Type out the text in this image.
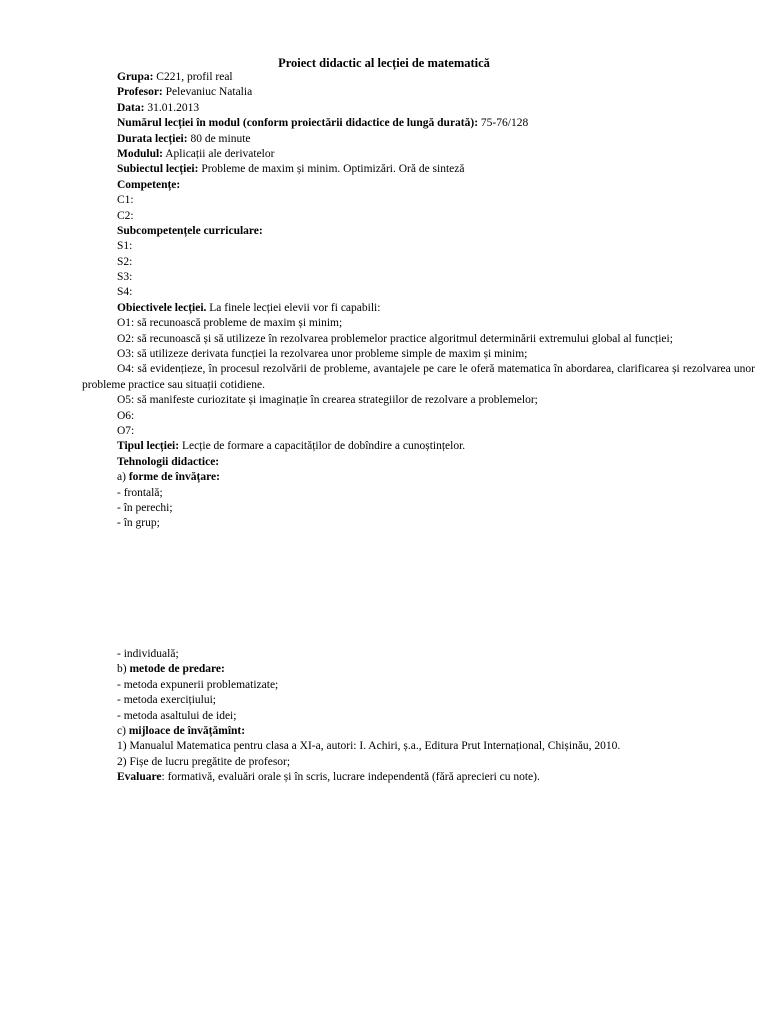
Proiect didactic al lecției de matematică
Grupa: C221, profil real
Profesor: Pelevaniuc Natalia
Data: 31.01.2013
Numărul lecției în modul (conform proiectării didactice de lungă durată): 75-76/128
Durata lecției: 80 de minute
Modulul: Aplicații ale derivatelor
Subiectul lecției: Probleme de maxim și minim. Optimizări. Oră de sinteză
Competențe:
C1:
C2:
Subcompetențele curriculare:
S1:
S2:
S3:
S4:
Obiectivele lecției. La finele lecției elevii vor fi capabili:
O1: să recunoască probleme de maxim și minim;
O2: să recunoască și să utilizeze în rezolvarea problemelor practice algoritmul determinării extremului global al funcției;
O3: să utilizeze derivata funcției la rezolvarea unor probleme simple de maxim și minim;
O4: să evidențieze, în procesul rezolvării de probleme, avantajele pe care le oferă matematica în abordarea, clarificarea și rezolvarea unor probleme practice sau situații cotidiene.
O5: să manifeste curiozitate și imaginație în crearea strategiilor de rezolvare a problemelor;
O6:
O7:
Tipul lecției: Lecție de formare a capacităților de dobîndire a cunoștințelor.
Tehnologii didactice:
a) forme de învățare:
- frontală;
- în perechi;
- în grup;
- individuală;
b) metode de predare:
- metoda expunerii problematizate;
- metoda exercițiului;
- metoda asaltului de idei;
c) mijloace de învățămînt:
1) Manualul Matematica pentru clasa a XI-a, autori: I. Achiri, ș.a., Editura Prut Internațional, Chișinău, 2010.
2) Fișe de lucru pregătite de profesor;
Evaluare: formativă, evaluări orale și în scris, lucrare independentă (fără aprecieri cu note).
